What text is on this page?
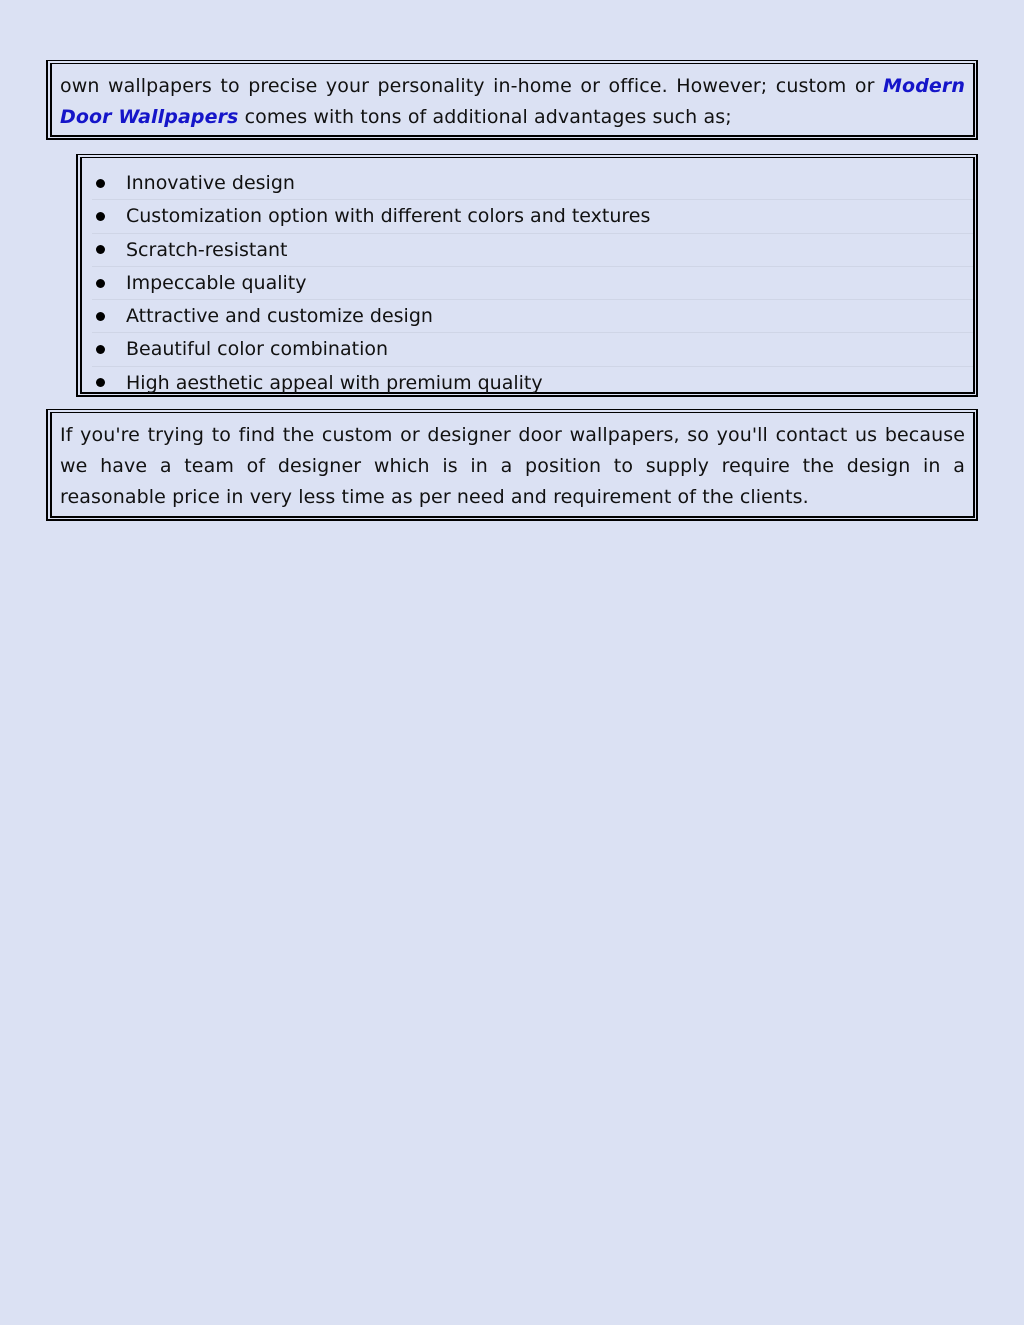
own wallpapers to precise your personality in-home or office. However; custom or Modern Door Wallpapers comes with tons of additional advantages such as;

Innovative design
Customization option with different colors and textures
Scratch-resistant
Impeccable quality
Attractive and customize design
Beautiful color combination
High aesthetic appeal with premium quality

If you're trying to find the custom or designer door wallpapers, so you'll contact us because we have a team of designer which is in a position to supply require the design in a reasonable price in very less time as per need and requirement of the clients.
